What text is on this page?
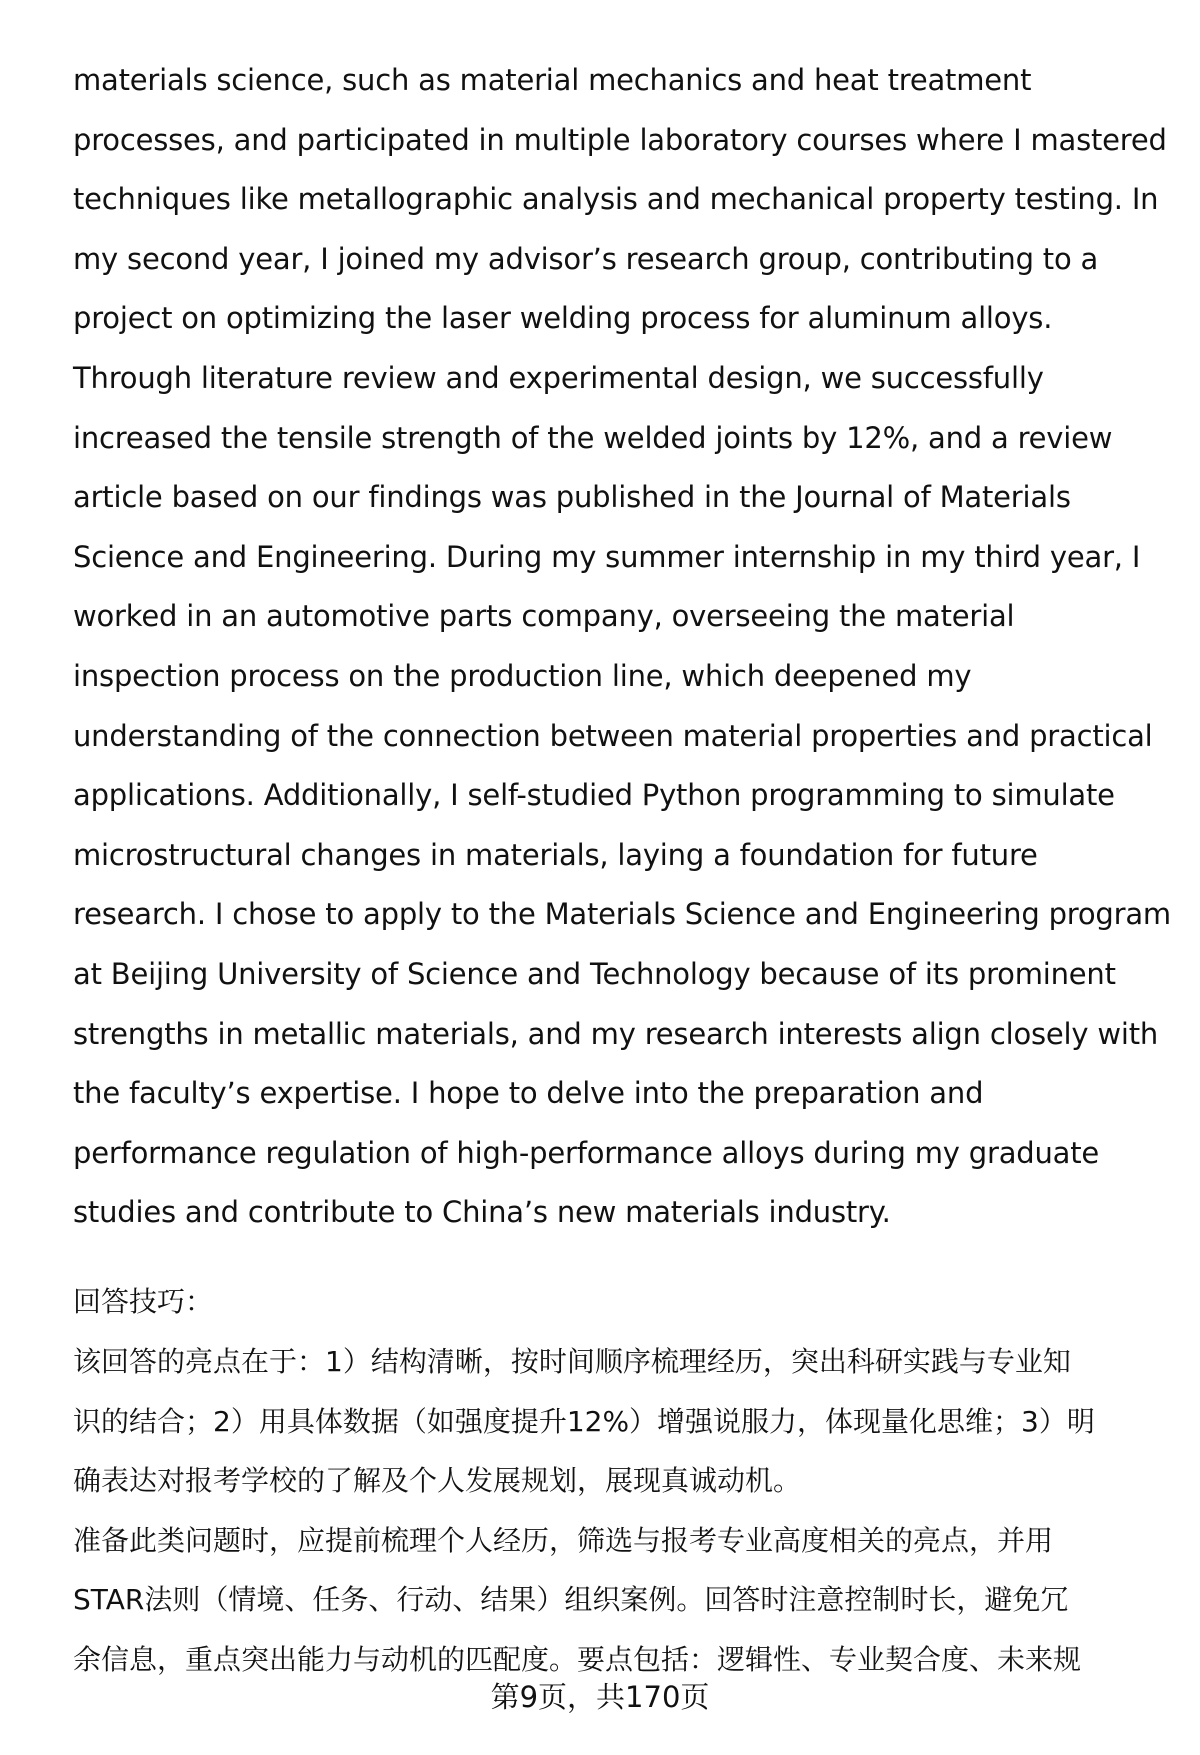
materials science, such as material mechanics and heat treatment
processes, and participated in multiple laboratory courses where I mastered
techniques like metallographic analysis and mechanical property testing. In
my second year, I joined my advisor’s research group, contributing to a
project on optimizing the laser welding process for aluminum alloys.
Through literature review and experimental design, we successfully
increased the tensile strength of the welded joints by 12%, and a review
article based on our findings was published in the Journal of Materials
Science and Engineering. During my summer internship in my third year, I
worked in an automotive parts company, overseeing the material
inspection process on the production line, which deepened my
understanding of the connection between material properties and practical
applications. Additionally, I self-studied Python programming to simulate
microstructural changes in materials, laying a foundation for future
research. I chose to apply to the Materials Science and Engineering program
at Beijing University of Science and Technology because of its prominent
strengths in metallic materials, and my research interests align closely with
the faculty’s expertise. I hope to delve into the preparation and
performance regulation of high-performance alloys during my graduate
studies and contribute to China’s new materials industry.
回答技巧：
该回答的亮点在于：1）结构清晰，按时间顺序梳理经历，突出科研实践与专业知
识的结合；2）用具体数据（如强度提升12%）增强说服力，体现量化思维；3）明
确表达对报考学校的了解及个人发展规划，展现真诚动机。
准备此类问题时，应提前梳理个人经历，筛选与报考专业高度相关的亮点，并用
STAR法则（情境、任务、行动、结果）组织案例。回答时注意控制时长，避免冗
余信息，重点突出能力与动机的匹配度。要点包括：逻辑性、专业契合度、未来规
第9页，共170页
